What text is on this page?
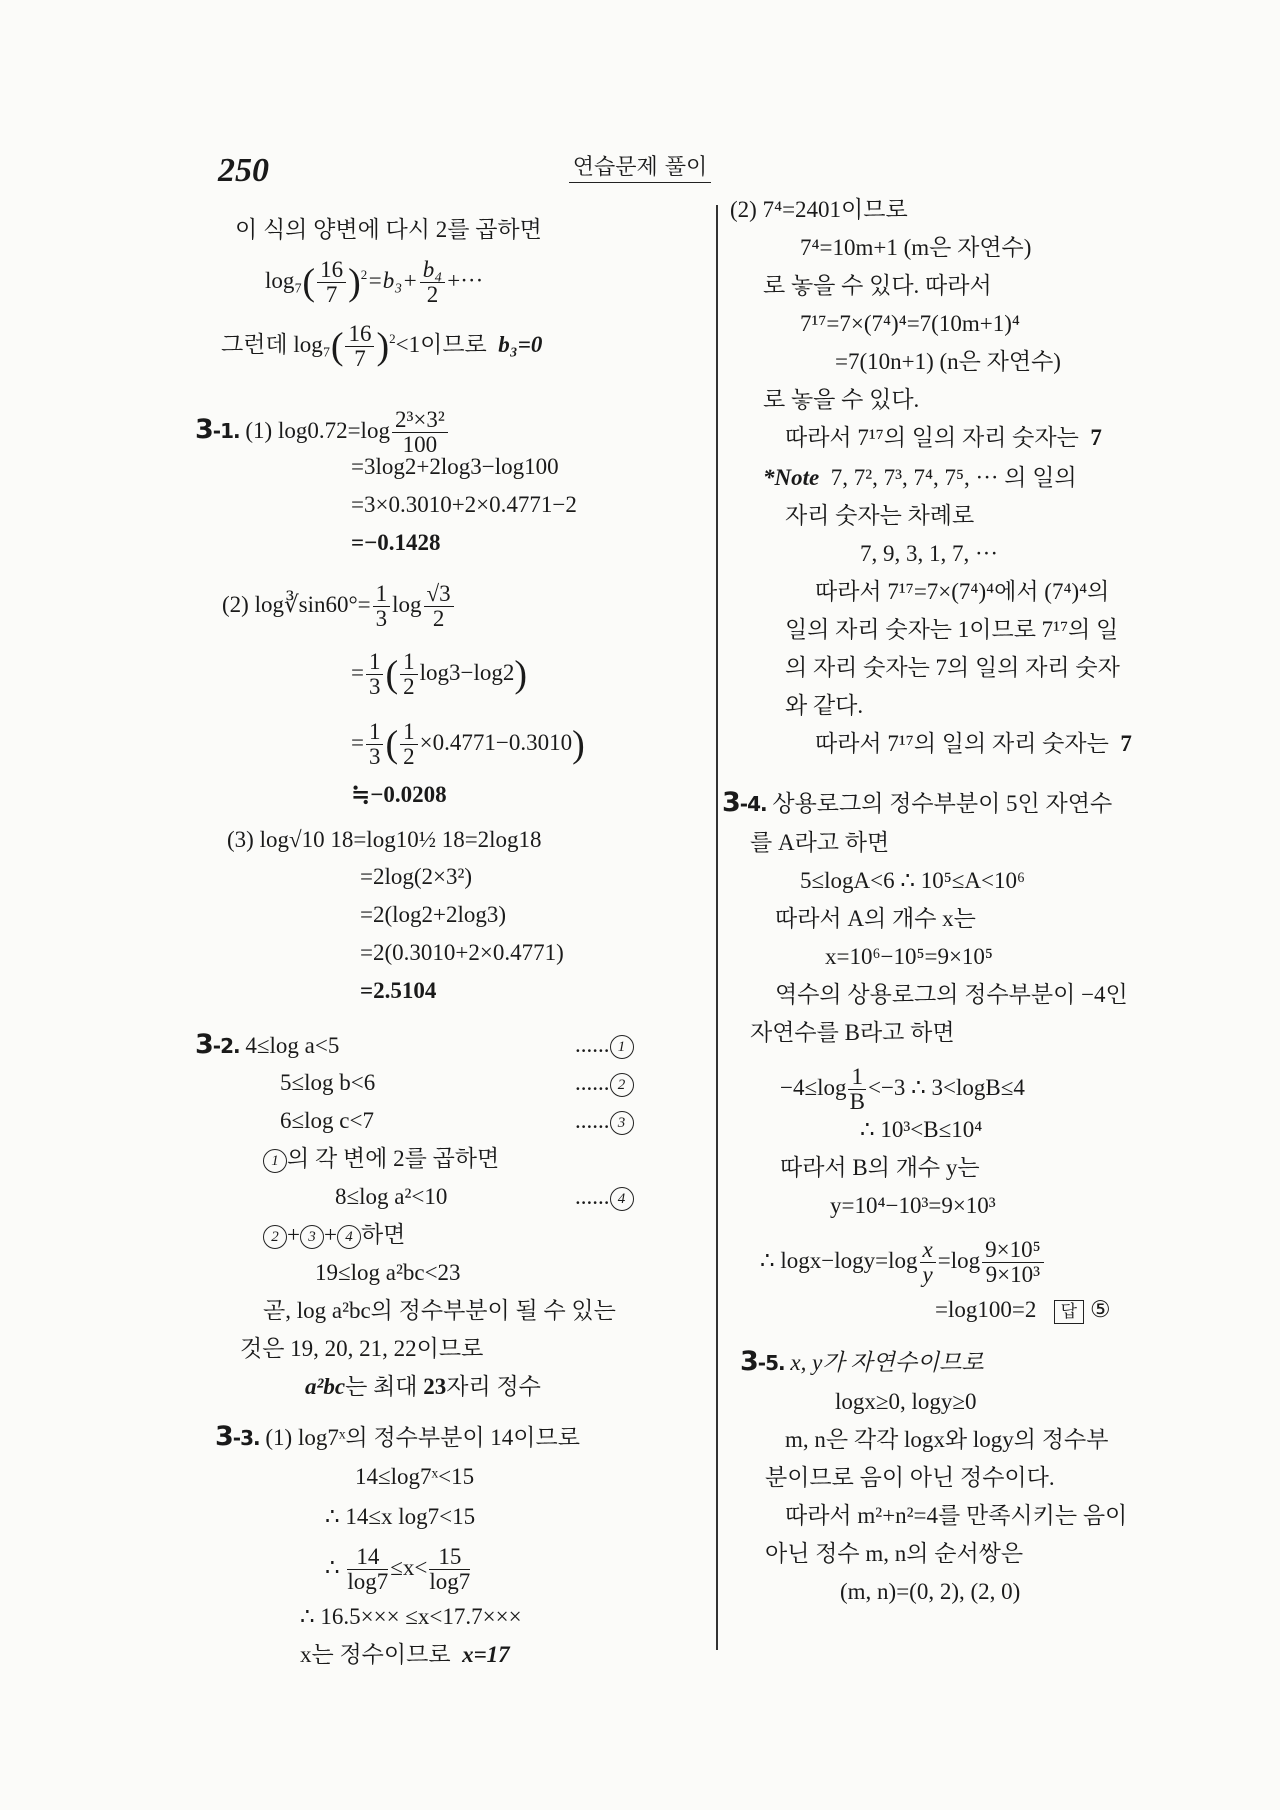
250	연습문제 풀이
이 식의 양변에 다시 2를 곱하면
$\log_7( \frac{16}{7} )^2=b_3+ \frac{\text{b₄}}{2}$ +···
그런데 $\log_7( \frac{16}{7} )^2<1$이므로 b₃=0
3-1. (1) $\log 0.72=\log \frac{\text{2³×3²}}{100}$
=3log2+2log3−log100
=3×0.3010+2×0.4771−2
=−0.1428
(2) log∛sin60°= $\frac{1}{3}$ $\log \frac{√3}{2}$
= $\frac{1}{3}$ ( $\frac{1}{2} \log 3-\log 2$)
= $\frac{1}{3}$ ( $\frac{1}{2} \times 0.4771-0.3010$)
≒−0.0208
(3) log√10 18=log10½ 18=2log18
=2log(2×3²)
=2(log2+2log3)
=2(0.3010+2×0.4771)
=2.5104
3-2. 4≤log a<5	...... 1
5≤log b<6	...... 2
6≤log c<7	...... 3
1 의 각 변에 2를 곱하면
8≤log a²<10	...... 4
2 + 3 + 4 하면
19≤log a²bc<23
곧, log a²bc의 정수부분이 될 수 있는
것은 19, 20, 21, 22이므로
a²bc는 최대 23자리 정수
3-3. (1) log7ˣ의 정수부분이 14이므로
14≤log7ˣ<15
∴ 14≤x log7<15
∴ $\frac{14}{\log 7} \le x< \frac{15}{\log 7}$
∴ 16.5××× ≤x<17.7×××
x는 정수이므로 x=17
(2) 7⁴=2401이므로
7⁴=10m+1 (m은 자연수)
로 놓을 수 있다. 따라서
7¹⁷=7×(7⁴)⁴=7(10m+1)⁴
=7(10n+1) (n은 자연수)
로 놓을 수 있다.
따라서 7¹⁷의 일의 자리 숫자는 7
*Note 7, 7², 7³, 7⁴, 7⁵, ··· 의 일의
자리 숫자는 차례로
7, 9, 3, 1, 7, ···
따라서 7¹⁷=7×(7⁴)⁴에서 (7⁴)⁴의
일의 자리 숫자는 1이므로 7¹⁷의 일
의 자리 숫자는 7의 일의 자리 숫자
와 같다.
따라서 7¹⁷의 일의 자리 숫자는 7
3-4. 상용로그의 정수부분이 5인 자연수
를 A라고 하면
5≤logA<6 ∴ 10⁵≤A<10⁶
따라서 A의 개수 x는
x=10⁶−10⁵=9×10⁵
역수의 상용로그의 정수부분이 −4인
자연수를 B라고 하면
$-4\le\log \frac{1}{B} <-3$ ∴ 3<logB≤4
∴ 10³<B≤10⁴
따라서 B의 개수 y는
y=10⁴−10³=9×10³
∴ $\log x-\log y=\log \frac{x}{y} =\log \frac{\text{9×10⁵}}{\text{9×10³}}$
=log100=2 답 ⑤
3-5. x, y가 자연수이므로
logx≥0, logy≥0
m, n은 각각 logx와 logy의 정수부
분이므로 음이 아닌 정수이다.
따라서 m²+n²=4를 만족시키는 음이
아닌 정수 m, n의 순서쌍은
(m, n)=(0, 2), (2, 0)
